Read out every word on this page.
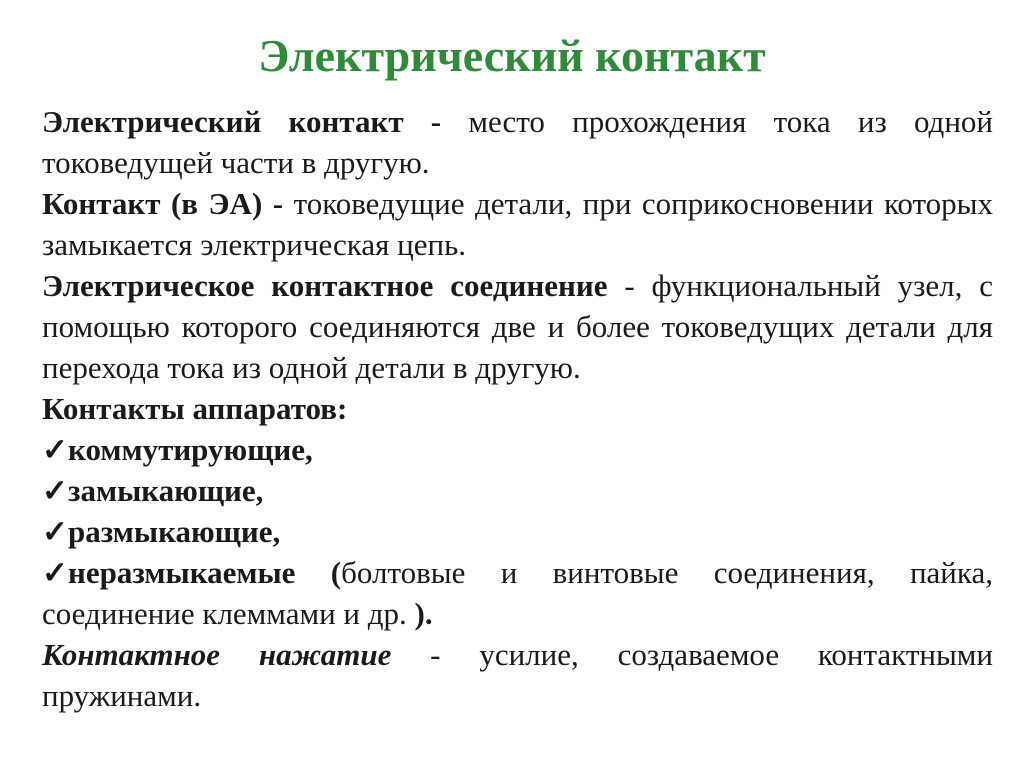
Электрический контакт

Электрический контакт - место прохождения тока из одной токоведущей части в другую.

Контакт (в ЭА) - токоведущие детали, при соприкосновении которых замыкается электрическая цепь.

Электрическое контактное соединение - функциональный узел, с помощью которого соединяются две и более токоведущих детали для перехода тока из одной детали в другую.

Контакты аппаратов:

✓коммутирующие,

✓замыкающие,

✓размыкающие,

✓неразмыкаемые (болтовые и винтовые соединения, пайка, соединение клеммами и др. ).

Контактное нажатие - усилие, создаваемое контактными пружинами.
